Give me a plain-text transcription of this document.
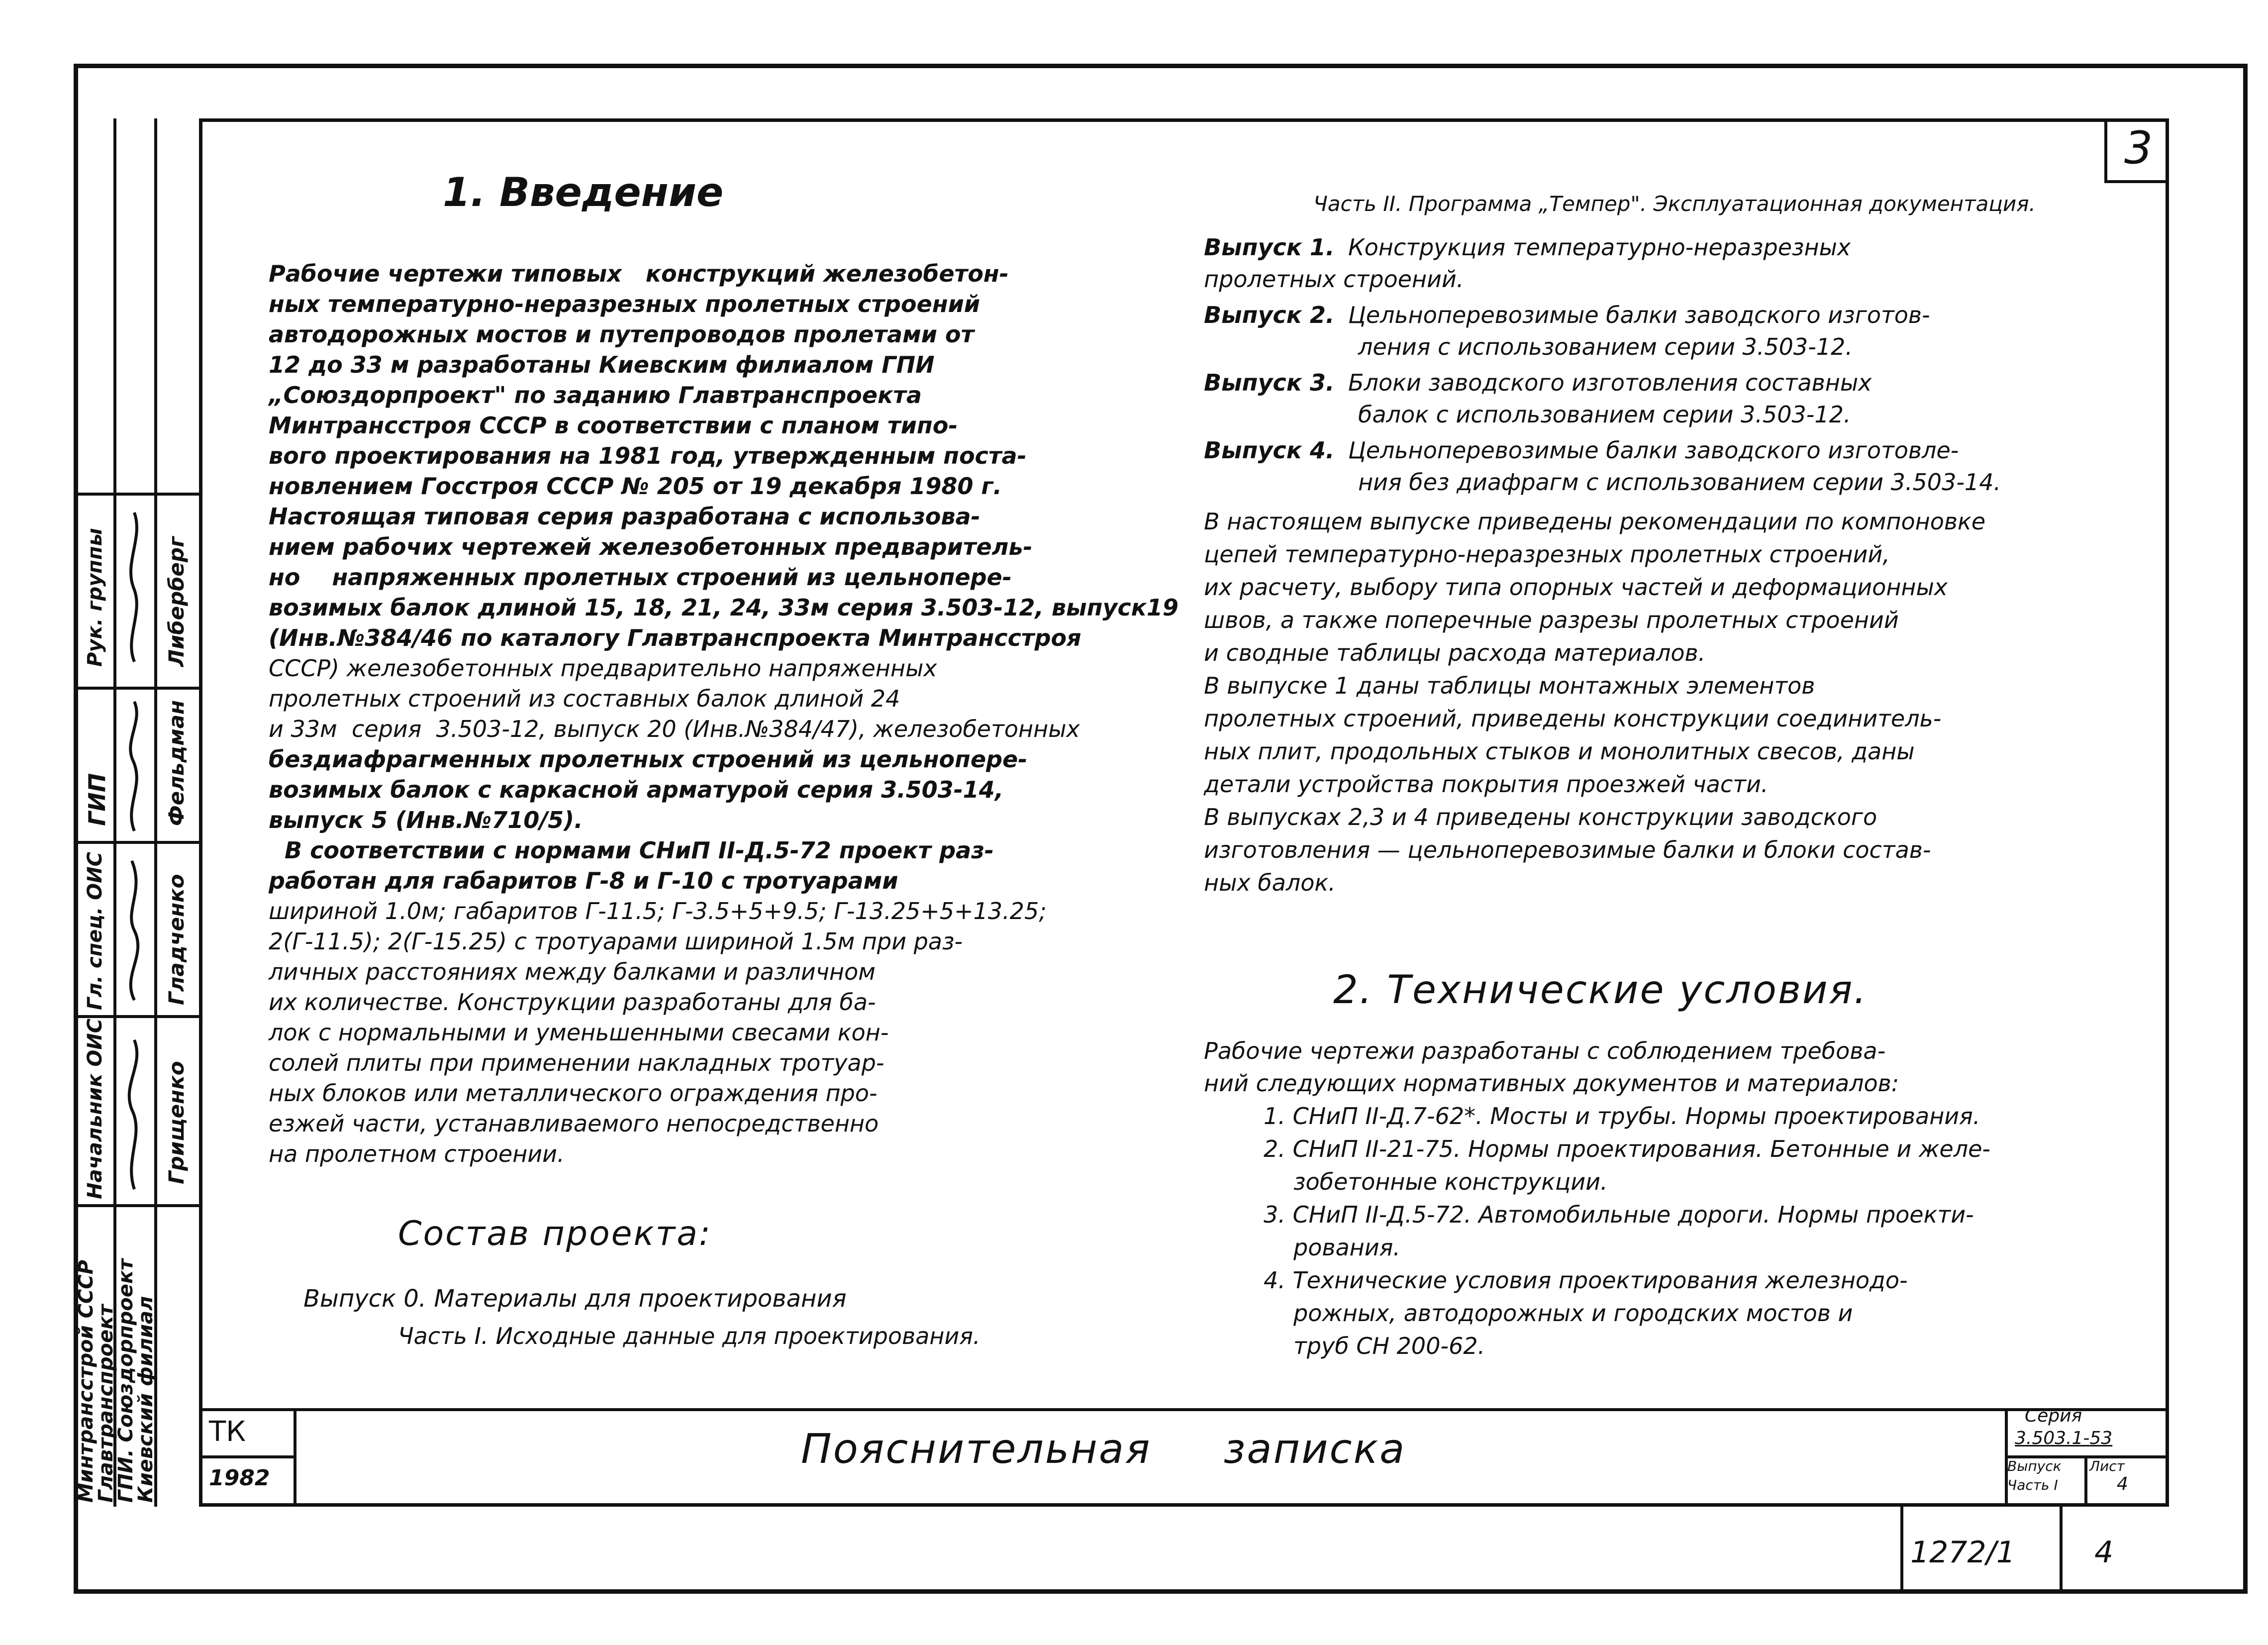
Минтрансстрой СССР
Главтранспроект
ГПИ. Союздорпроект
Киевский филиал
Начальник ОИС	Грищенко
Гл. спец. ОИС	Гладченко
ГИП	Фельдман
Рук. группы	Либерберг
3
1. Введение
Рабочие чертежи типовых   конструкций железобетон-
ных температурно-неразрезных пролетных строений
автодорожных мостов и путепроводов пролетами от
12 до 33 м разработаны Киевским филиалом ГПИ
„Союздорпроект" по заданию Главтранспроекта
Минтрансстроя СССР в соответствии с планом типо-
вого проектирования на 1981 год, утвержденным поста-
новлением Госстроя СССР № 205 от 19 декабря 1980 г.
Настоящая типовая серия разработана с использова-
нием рабочих чертежей железобетонных предваритель-
но    напряженных пролетных строений из цельнопере-
возимых балок длиной 15, 18, 21, 24, 33м серия 3.503-12, выпуск19
(Инв.№384/46 по каталогу Главтранспроекта Минтрансстроя
СССР) железобетонных предварительно напряженных
пролетных строений из составных балок длиной 24
и 33м  серия  3.503-12, выпуск 20 (Инв.№384/47), железобетонных
бездиафрагменных пролетных строений из цельнопере-
возимых балок с каркасной арматурой серия 3.503-14,
выпуск 5 (Инв.№710/5).
В соответствии с нормами СНиП II-Д.5-72 проект раз-
работан для габаритов Г-8 и Г-10 с тротуарами
шириной 1.0м; габаритов Г-11.5; Г-3.5+5+9.5; Г-13.25+5+13.25;
2(Г-11.5); 2(Г-15.25) с тротуарами шириной 1.5м при раз-
личных расстояниях между балками и различном
их количестве. Конструкции разработаны для ба-
лок с нормальными и уменьшенными свесами кон-
солей плиты при применении накладных тротуар-
ных блоков или металлического ограждения про-
езжей части, устанавливаемого непосредственно
на пролетном строении.
Состав проекта:
Выпуск 0. Материалы для проектирования
Часть I. Исходные данные для проектирования.
Часть II. Программа „Темпер". Эксплуатационная документация.
Выпуск 1. Конструкция температурно-неразрезных
пролетных строений.
Выпуск 2. Цельноперевозимые балки заводского изготов-
ления с использованием серии 3.503-12.
Выпуск 3. Блоки заводского изготовления составных
балок с использованием серии 3.503-12.
Выпуск 4. Цельноперевозимые балки заводского изготовле-
ния без диафрагм с использованием серии 3.503-14.
В настоящем выпуске приведены рекомендации по компоновке
цепей температурно-неразрезных пролетных строений,
их расчету, выбору типа опорных частей и деформационных
швов, а также поперечные разрезы пролетных строений
и сводные таблицы расхода материалов.
В выпуске 1 даны таблицы монтажных элементов
пролетных строений, приведены конструкции соединитель-
ных плит, продольных стыков и монолитных свесов, даны
детали устройства покрытия проезжей части.
В выпусках 2,3 и 4 приведены конструкции заводского
изготовления — цельноперевозимые балки и блоки состав-
ных балок.
2. Технические условия.
Рабочие чертежи разработаны с соблюдением требова-
ний следующих нормативных документов и материалов:
1. СНиП II-Д.7-62*. Мосты и трубы. Нормы проектирования.
2. СНиП II-21-75. Нормы проектирования. Бетонные и желе-
зобетонные конструкции.
3. СНиП II-Д.5-72. Автомобильные дороги. Нормы проекти-
рования.
4. Технические условия проектирования железнодо-
рожных, автодорожных и городских мостов и
труб СН 200-62.
ТК
1982
Пояснительная     записка
Серия
3.503.1-53
Выпуск
Часть I
Лист
4
1272/1	4
